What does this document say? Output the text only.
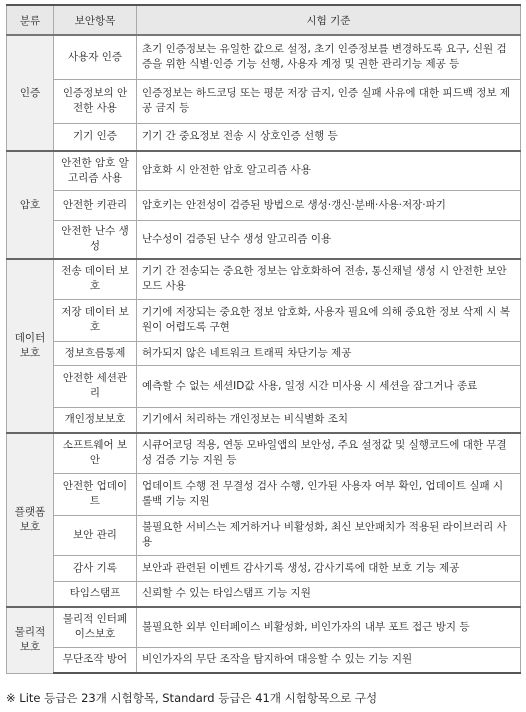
분류	보안항목	시험 기준
인증	사용자 인증	초기 인증정보는 유일한 값으로 설정, 초기 인증정보를 변경하도록 요구, 신원 검증을 위한 식별·인증 기능 선행, 사용자 계정 및 권한 관리기능 제공 등
	인증정보의 안전한 사용	인증정보는 하드코딩 또는 평문 저장 금지, 인증 실패 사유에 대한 피드백 정보 제공 금지 등
	기기 인증	기기 간 중요정보 전송 시 상호인증 선행 등
암호	안전한 암호 알고리즘 사용	암호화 시 안전한 암호 알고리즘 사용
	안전한 키관리	암호키는 안전성이 검증된 방법으로 생성·갱신·분배·사용·저장·파기
	안전한 난수 생성	난수성이 검증된 난수 생성 알고리즘 이용
데이터 보호	전송 데이터 보호	기기 간 전송되는 중요한 정보는 암호화하여 전송, 통신채널 생성 시 안전한 보안모드 사용
	저장 데이터 보호	기기에 저장되는 중요한 정보 암호화, 사용자 필요에 의해 중요한 정보 삭제 시 복원이 어렵도록 구현
	정보흐름통제	허가되지 않은 네트워크 트래픽 차단기능 제공
	안전한 세션관리	예측할 수 없는 세션ID값 사용, 일정 시간 미사용 시 세션을 잠그거나 종료
	개인정보보호	기기에서 처리하는 개인정보는 비식별화 조치
플랫폼 보호	소프트웨어 보안	시큐어코딩 적용, 연동 모바일앱의 보안성, 주요 설정값 및 실행코드에 대한 무결성 검증 기능 지원 등
	안전한 업데이트	업데이트 수행 전 무결성 검사 수행, 인가된 사용자 여부 확인, 업데이트 실패 시 롤백 기능 지원
	보안 관리	불필요한 서비스는 제거하거나 비활성화, 최신 보안패치가 적용된 라이브러리 사용
	감사 기록	보안과 관련된 이벤트 감사기록 생성, 감사기록에 대한 보호 기능 제공
	타임스탬프	신뢰할 수 있는 타임스탬프 기능 지원
물리적 보호	물리적 인터페이스보호	불필요한 외부 인터페이스 비활성화, 비인가자의 내부 포트 접근 방지 등
	무단조작 방어	비인가자의 무단 조작을 탐지하여 대응할 수 있는 기능 지원
※ Lite 등급은 23개 시험항목, Standard 등급은 41개 시험항목으로 구성
